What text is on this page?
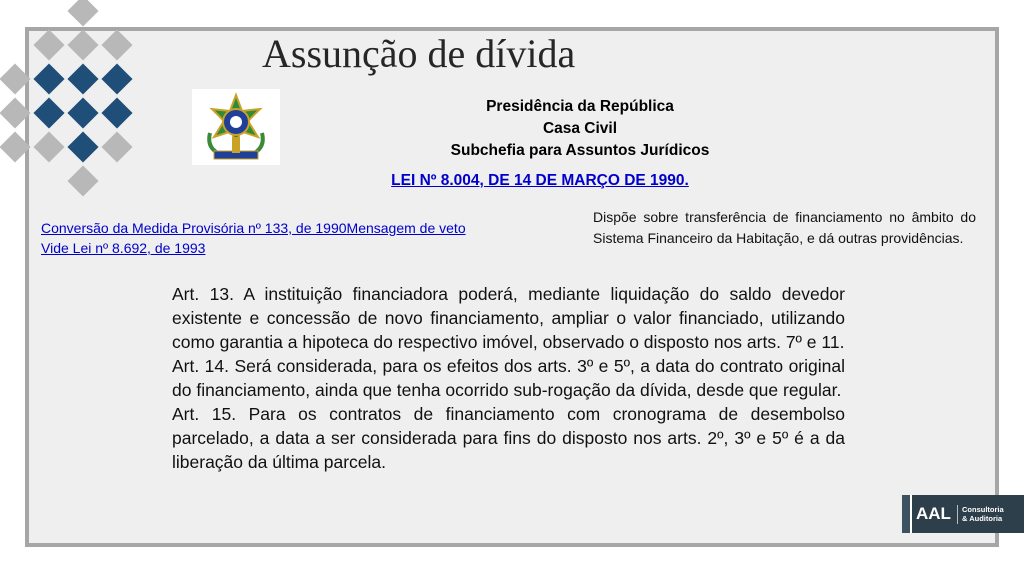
Assunção de dívida
Presidência da República
Casa Civil
Subchefia para Assuntos Jurídicos
LEI Nº 8.004, DE 14 DE MARÇO DE 1990.
Conversão da Medida Provisória nº 133, de 1990Mensagem de veto
Vide Lei nº 8.692, de 1993
Dispõe sobre transferência de financiamento no âmbito do Sistema Financeiro da Habitação, e dá outras providências.

Art. 13. A instituição financiadora poderá, mediante liquidação do saldo devedor existente e concessão de novo financiamento, ampliar o valor financiado, utilizando como garantia a hipoteca do respectivo imóvel, observado o disposto nos arts. 7º e 11.

Art. 14. Será considerada, para os efeitos dos arts. 3º e 5º, a data do contrato original do financiamento, ainda que tenha ocorrido sub-rogação da dívida, desde que regular.

Art. 15. Para os contratos de financiamento com cronograma de desembolso parcelado, a data a ser considerada para fins do disposto nos arts. 2º, 3º e 5º é a da liberação da última parcela.

AAL Consultoria
& Auditoria
